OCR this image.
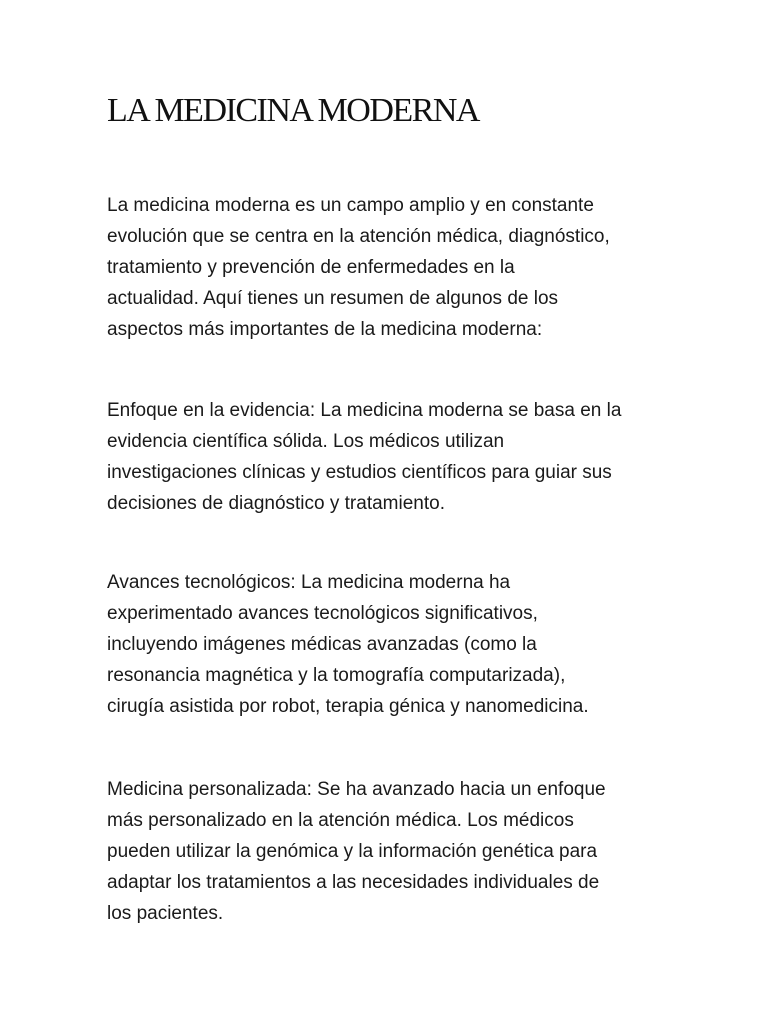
LA MEDICINA MODERNA

La medicina moderna es un campo amplio y en constante
evolución que se centra en la atención médica, diagnóstico,
tratamiento y prevención de enfermedades en la
actualidad. Aquí tienes un resumen de algunos de los
aspectos más importantes de la medicina moderna:

Enfoque en la evidencia: La medicina moderna se basa en la
evidencia científica sólida. Los médicos utilizan
investigaciones clínicas y estudios científicos para guiar sus
decisiones de diagnóstico y tratamiento.

Avances tecnológicos: La medicina moderna ha
experimentado avances tecnológicos significativos,
incluyendo imágenes médicas avanzadas (como la
resonancia magnética y la tomografía computarizada),
cirugía asistida por robot, terapia génica y nanomedicina.

Medicina personalizada: Se ha avanzado hacia un enfoque
más personalizado en la atención médica. Los médicos
pueden utilizar la genómica y la información genética para
adaptar los tratamientos a las necesidades individuales de
los pacientes.
